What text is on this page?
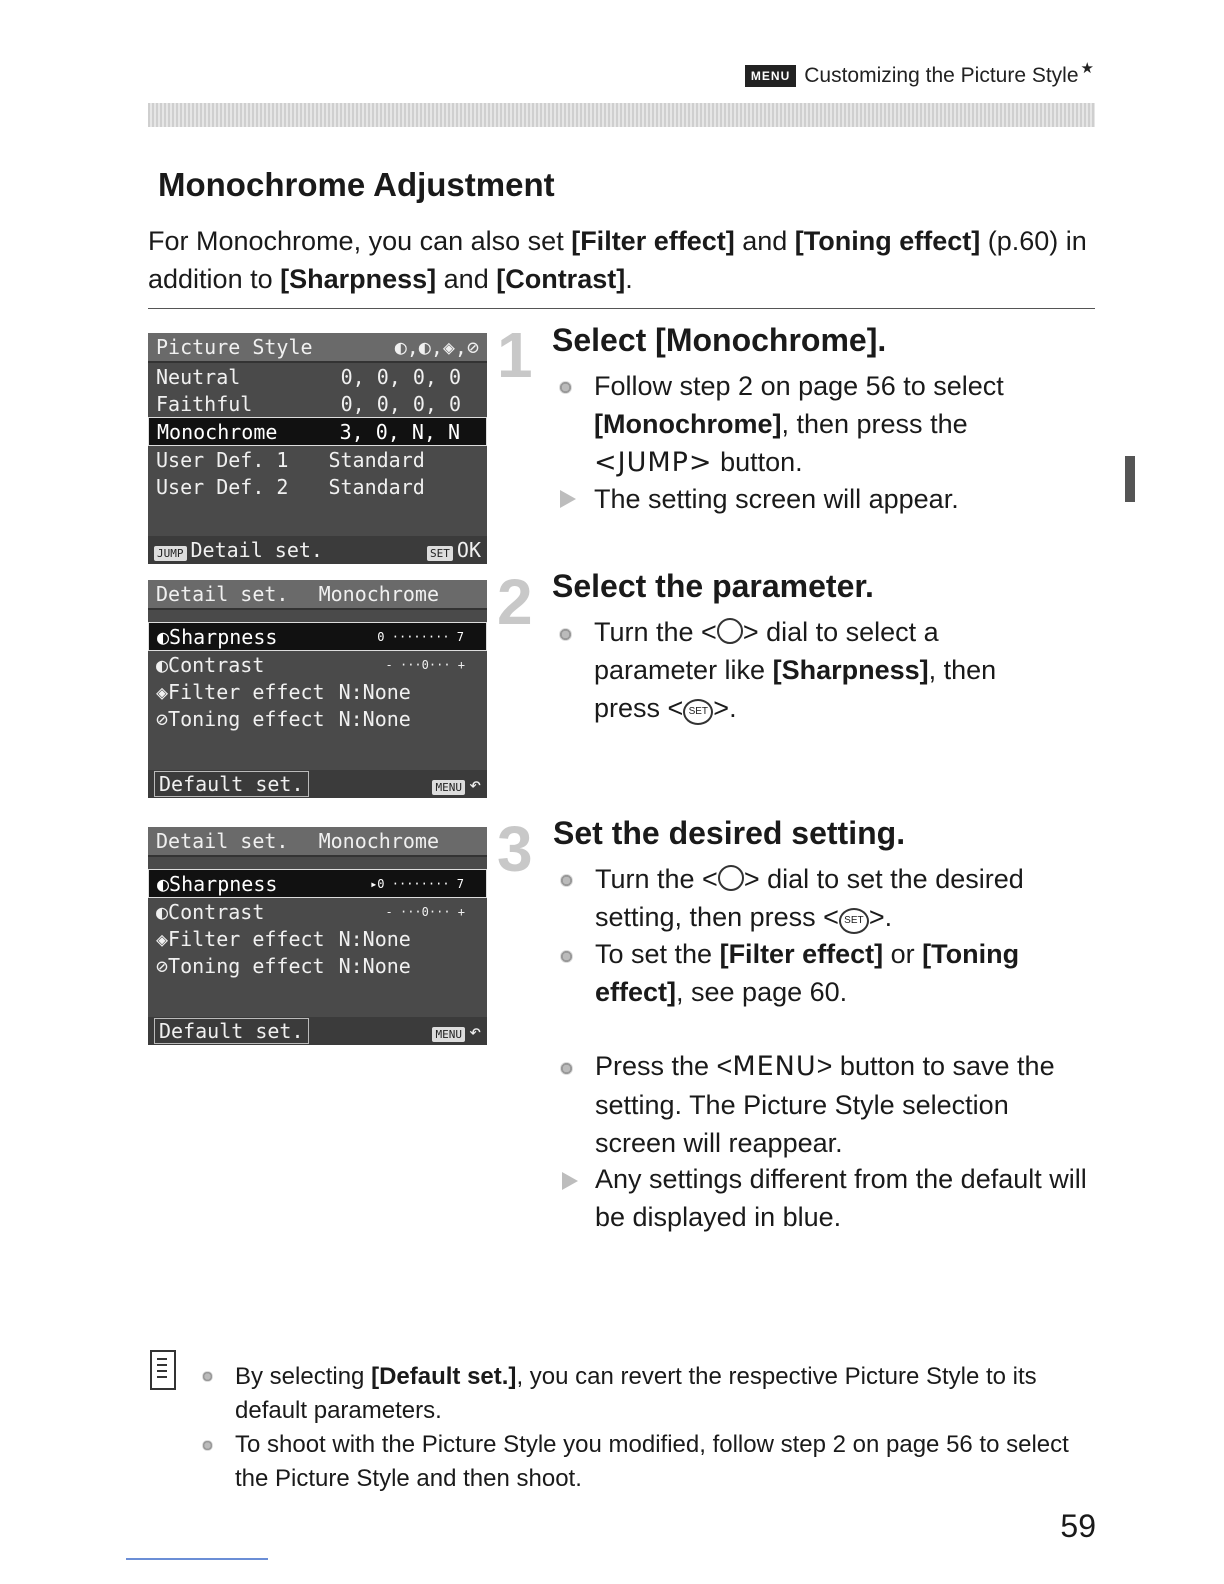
MENU Customizing the Picture Style ★
Monochrome Adjustment

For Monochrome, you can also set [Filter effect] and [Toning effect] (p.60) in addition to [Sharpness] and [Contrast].

Picture Style	◐,◐,◈,⊘
Neutral	0, 0, 0, 0
Faithful	0, 0, 0, 0
Monochrome	3, 0, N, N
User Def. 1 Standard
User Def. 2 Standard
JUMP Detail set.	SET OK
Detail set. Monochrome
◐Sharpness	0 ········ 7
◐Contrast	- ···0··· +
◈Filter effect N:None
⊘Toning effect N:None
Default set.	MENU ↶
Detail set. Monochrome
◐Sharpness	▸0 ········ 7
◐Contrast	- ···0··· +
◈Filter effect N:None
⊘Toning effect N:None
Default set.	MENU ↶
1 Select [Monochrome].
Follow step 2 on page 56 to select [Monochrome], then press the <JUMP> button.
The setting screen will appear.
2 Select the parameter.
Turn the < > dial to select a parameter like [Sharpness], then press < SET >.
3 Set the desired setting.
Turn the < > dial to set the desired setting, then press < SET >.
To set the [Filter effect] or [Toning effect], see page 60.
Press the <MENU> button to save the setting. The Picture Style selection screen will reappear.
Any settings different from the default will be displayed in blue.
By selecting [Default set.], you can revert the respective Picture Style to its default parameters.
To shoot with the Picture Style you modified, follow step 2 on page 56 to select the Picture Style and then shoot.
59
